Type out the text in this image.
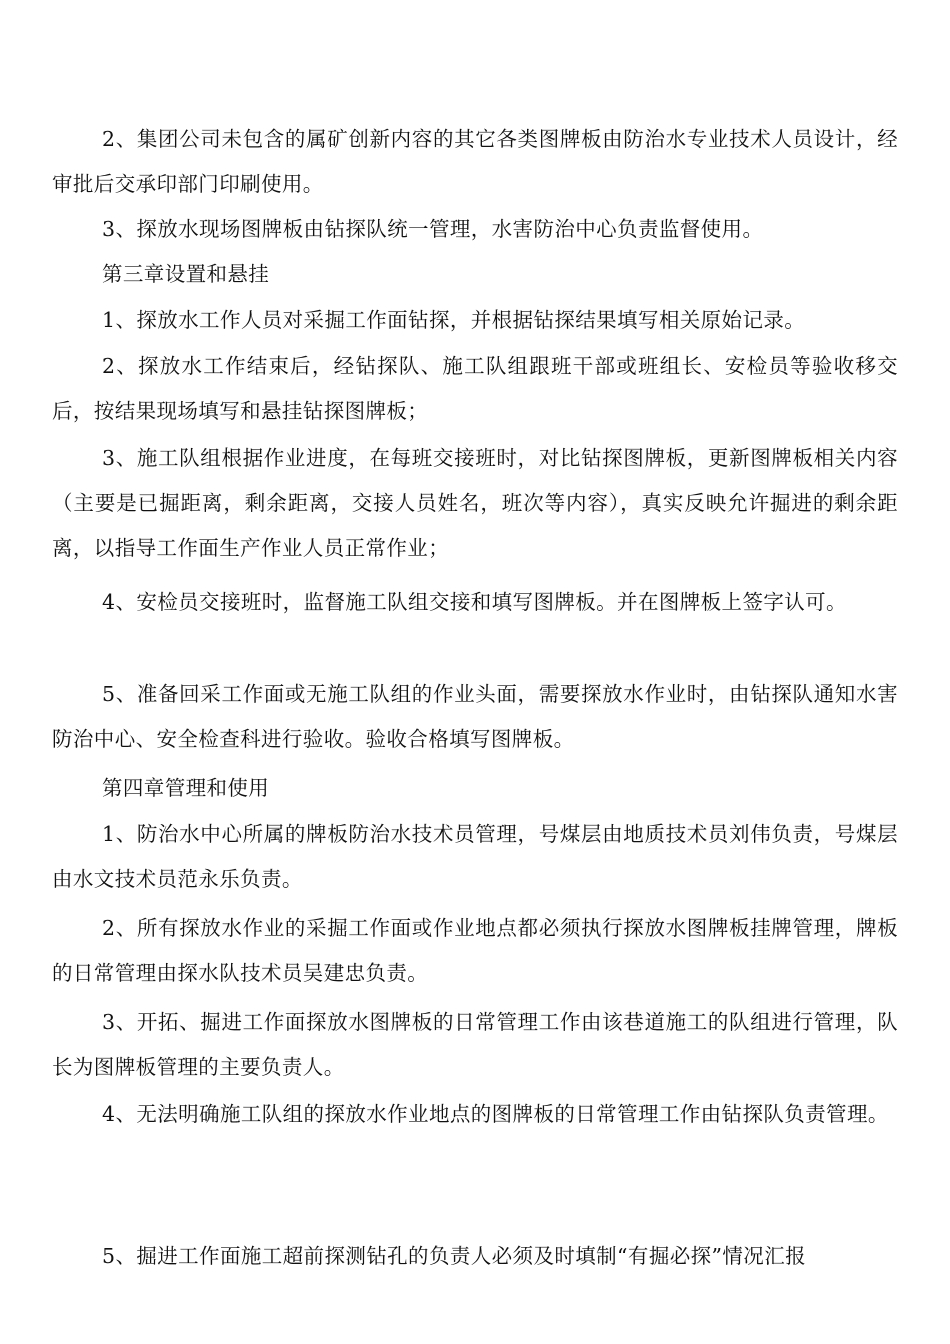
2、集团公司未包含的属矿创新内容的其它各类图牌板由防治水专业技术人员设计，经审批后交承印部门印刷使用。

3、探放水现场图牌板由钻探队统一管理，水害防治中心负责监督使用。

第三章设置和悬挂

1、探放水工作人员对采掘工作面钻探，并根据钻探结果填写相关原始记录。

2、探放水工作结束后，经钻探队、施工队组跟班干部或班组长、安检员等验收移交后，按结果现场填写和悬挂钻探图牌板；

3、施工队组根据作业进度，在每班交接班时，对比钻探图牌板，更新图牌板相关内容（主要是已掘距离，剩余距离，交接人员姓名，班次等内容），真实反映允许掘进的剩余距离，以指导工作面生产作业人员正常作业；

4、安检员交接班时，监督施工队组交接和填写图牌板。并在图牌板上签字认可。

5、准备回采工作面或无施工队组的作业头面，需要探放水作业时，由钻探队通知水害防治中心、安全检查科进行验收。验收合格填写图牌板。

第四章管理和使用

1、防治水中心所属的牌板防治水技术员管理，号煤层由地质技术员刘伟负责，号煤层由水文技术员范永乐负责。

2、所有探放水作业的采掘工作面或作业地点都必须执行探放水图牌板挂牌管理，牌板的日常管理由探水队技术员吴建忠负责。

3、开拓、掘进工作面探放水图牌板的日常管理工作由该巷道施工的队组进行管理，队长为图牌板管理的主要负责人。

4、无法明确施工队组的探放水作业地点的图牌板的日常管理工作由钻探队负责管理。

5、掘进工作面施工超前探测钻孔的负责人必须及时填制“有掘必探”情况汇报
